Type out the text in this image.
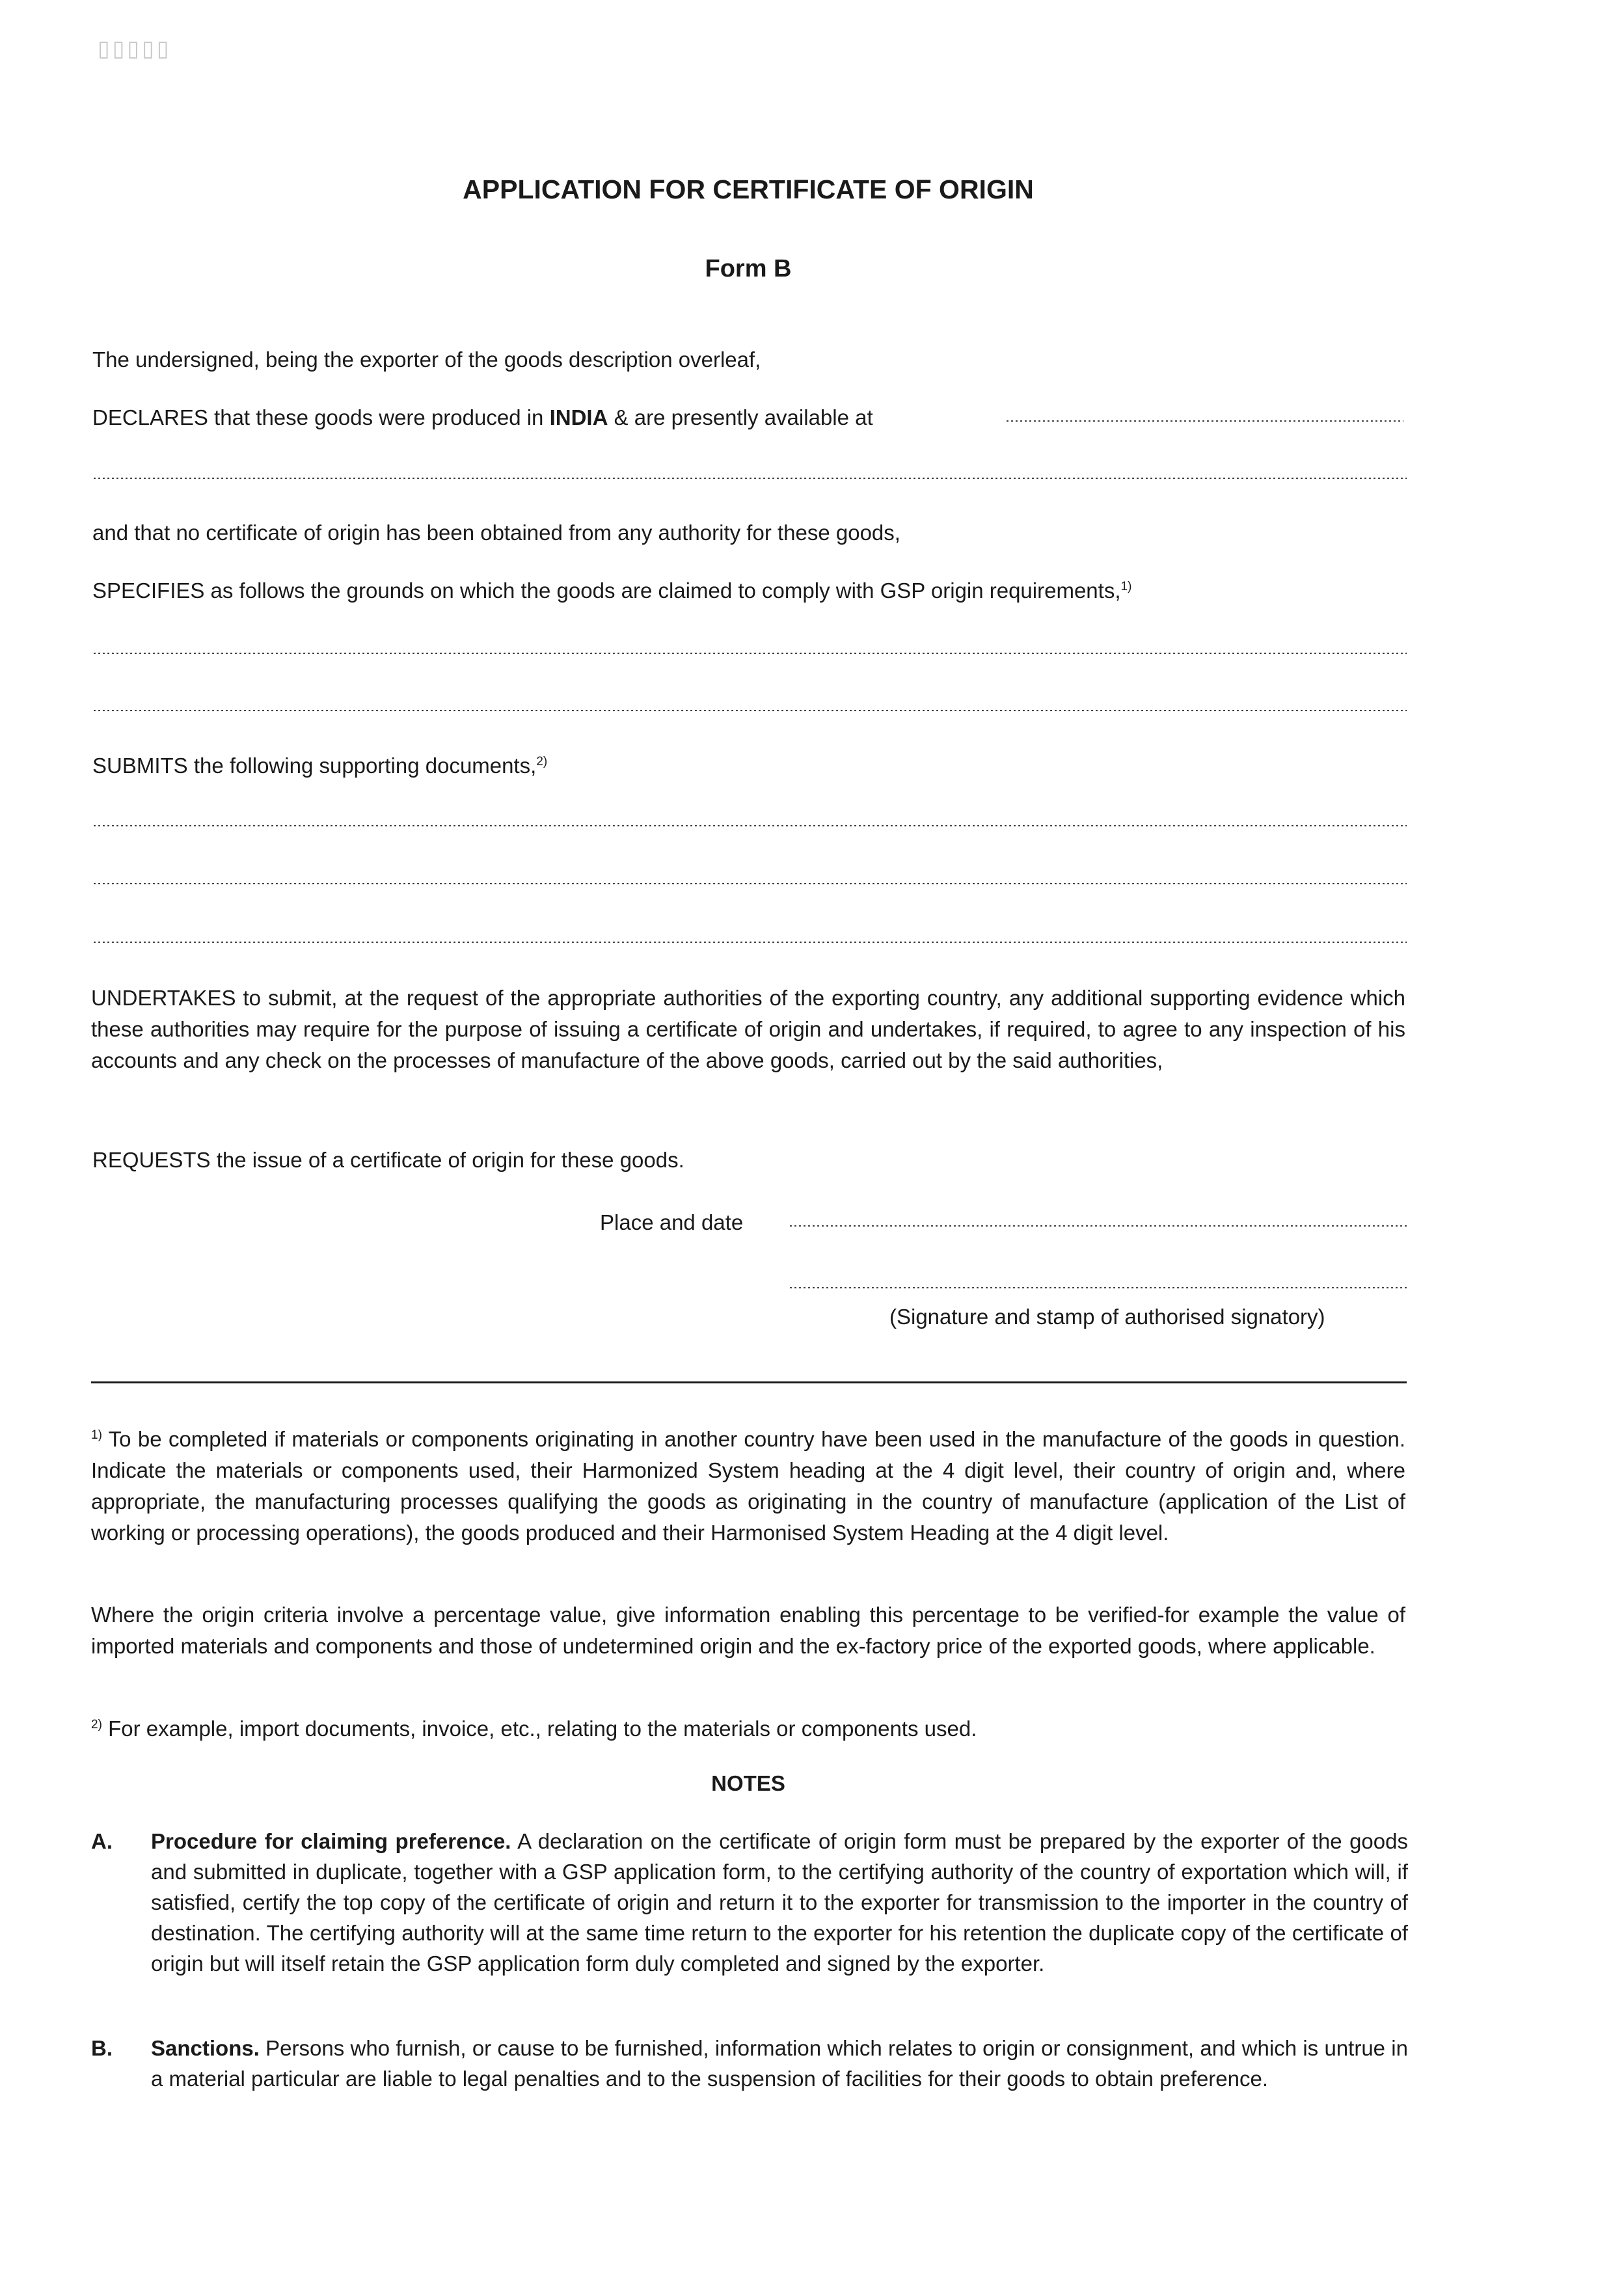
▯▯▯▯▯
APPLICATION FOR CERTIFICATE OF ORIGIN
Form B
The undersigned, being the exporter of the goods description overleaf,
DECLARES that these goods were produced in INDIA & are presently available at
and that no certificate of origin has been obtained from any authority for these goods,
SPECIFIES as follows the grounds on which the goods are claimed to comply with GSP origin requirements,$^{1)}$
SUBMITS the following supporting documents,$^{2)}$
UNDERTAKES to submit, at the request of the appropriate authorities of the exporting country, any additional supporting evidence which these authorities may require for the purpose of issuing a certificate of origin and undertakes, if required, to agree to any inspection of his accounts and any check on the processes of manufacture of the above goods, carried out by the said authorities,
REQUESTS the issue of a certificate of origin for these goods.
Place and date
(Signature and stamp of authorised signatory)
$^{1)}$ To be completed if materials or components originating in another country have been used in the manufacture of the goods in question. Indicate the materials or components used, their Harmonized System heading at the 4 digit level, their country of origin and, where appropriate, the manufacturing processes qualifying the goods as originating in the country of manufacture (application of the List of working or processing operations), the goods produced and their Harmonised System Heading at the 4 digit level.
Where the origin criteria involve a percentage value, give information enabling this percentage to be verified-for example the value of imported materials and components and those of undetermined origin and the ex-factory price of the exported goods, where applicable.
$^{2)}$ For example, import documents, invoice, etc., relating to the materials or components used.
NOTES
A. Procedure for claiming preference. A declaration on the certificate of origin form must be prepared by the exporter of the goods and submitted in duplicate, together with a GSP application form, to the certifying authority of the country of exportation which will, if satisfied, certify the top copy of the certificate of origin and return it to the exporter for transmission to the importer in the country of destination. The certifying authority will at the same time return to the exporter for his retention the duplicate copy of the certificate of origin but will itself retain the GSP application form duly completed and signed by the exporter.
B. Sanctions. Persons who furnish, or cause to be furnished, information which relates to origin or consignment, and which is untrue in a material particular are liable to legal penalties and to the suspension of facilities for their goods to obtain preference.
